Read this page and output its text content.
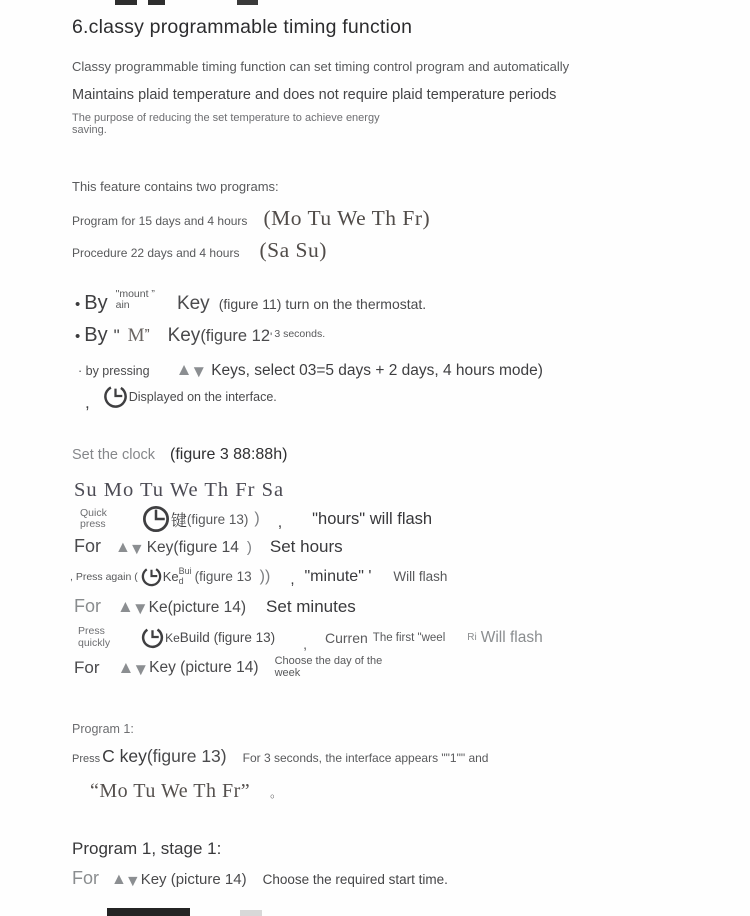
6.classy programmable timing function
Classy programmable timing function can set timing control program and automatically
Maintains plaid temperature and does not require plaid temperature periods
The purpose of reducing the set temperature to achieve energy
saving.
This feature contains two programs:
Program for 15 days and 4 hours (Mo Tu We Th Fr)
Procedure 22 days and 4 hours (Sa Su)
• By "mount ”
ain	Key (figure 11) turn on the thermostat.
• By " M ” Key (figure 12 ' 3 seconds.
· by pressing ▲
▼ Keys, select 03=5 days + 2 days, 4 hours mode)
,	Displayed on the interface.
Set the clock (figure 3 88:88h)
Su Mo Tu We Th Fr Sa
Quick
press	键 (figure 13) ) , "hours" will flash
For ▲
▼ Key (figure 14 ) Set hours
, Press again ( Ke Bui
d (figure 13 )) , "minute" ' Will flash
For ▲
▼ Ke (picture 14) Set minutes
Press
quickly	Ke Build (figure 13) , Curren The first "weel Ri Will flash
For ▲
▼ Key (picture 14) Choose the day of the
week
Program 1:
Press C key (figure 13) For 3 seconds, the interface appears ""1"" and
“Mo Tu We Th Fr” 。
Program 1, stage 1:
For ▲
▼ Key (picture 14) Choose the required start time.
